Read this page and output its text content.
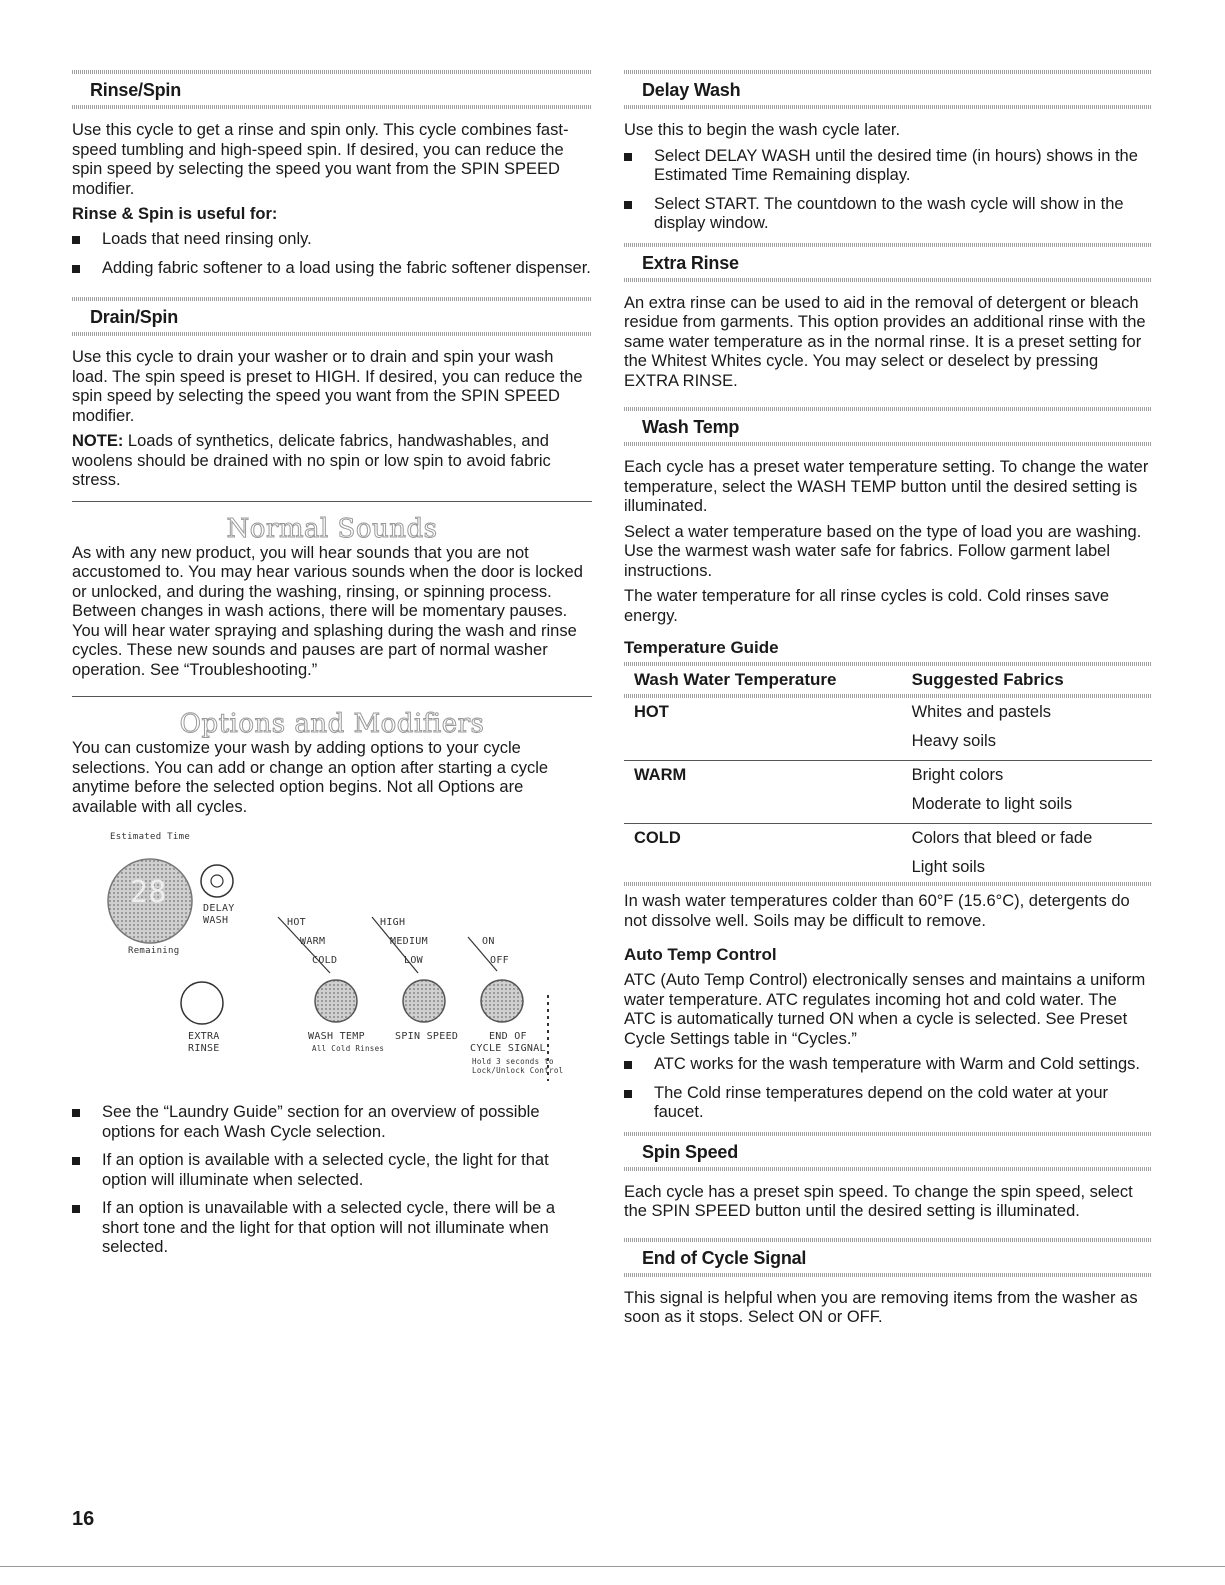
Rinse/Spin

Use this cycle to get a rinse and spin only. This cycle combines fast-speed tumbling and high-speed spin. If desired, you can reduce the spin speed by selecting the speed you want from the SPIN SPEED modifier.

Rinse & Spin is useful for:
Loads that need rinsing only.
Adding fabric softener to a load using the fabric softener dispenser.
Drain/Spin

Use this cycle to drain your washer or to drain and spin your wash load. The spin speed is preset to HIGH. If desired, you can reduce the spin speed by selecting the speed you want from the SPIN SPEED modifier.

NOTE: Loads of synthetics, delicate fabrics, handwashables, and woolens should be drained with no spin or low spin to avoid fabric stress.

Normal Sounds

As with any new product, you will hear sounds that you are not accustomed to. You may hear various sounds when the door is locked or unlocked, and during the washing, rinsing, or spinning process. Between changes in wash actions, there will be momentary pauses. You will hear water spraying and splashing during the wash and rinse cycles. These new sounds and pauses are part of normal washer operation. See “Troubleshooting.”

Options and Modifiers

You can customize your wash by adding options to your cycle selections. You can add or change an option after starting a cycle anytime before the selected option begins. Not all Options are available with all cycles.

28
Estimated Time
Remaining
DELAY
WASH	HOT
WARM
COLD
HIGH
MEDIUM
LOW
ON
OFF
EXTRA
RINSE
WASH TEMP
All Cold Rinses
SPIN SPEED	END OF
CYCLE SIGNAL
Hold 3 seconds to
Lock/Unlock Control
See the “Laundry Guide” section for an overview of possible options for each Wash Cycle selection.
If an option is available with a selected cycle, the light for that option will illuminate when selected.
If an option is unavailable with a selected cycle, there will be a short tone and the light for that option will not illuminate when selected.
Delay Wash

Use this to begin the wash cycle later.

Select DELAY WASH until the desired time (in hours) shows in the Estimated Time Remaining display.
Select START. The countdown to the wash cycle will show in the display window.
Extra Rinse

An extra rinse can be used to aid in the removal of detergent or bleach residue from garments. This option provides an additional rinse with the same water temperature as in the normal rinse. It is a preset setting for the Whitest Whites cycle. You may select or deselect by pressing EXTRA RINSE.

Wash Temp

Each cycle has a preset water temperature setting. To change the water temperature, select the WASH TEMP button until the desired setting is illuminated.

Select a water temperature based on the type of load you are washing. Use the warmest wash water safe for fabrics. Follow garment label instructions.

The water temperature for all rinse cycles is cold. Cold rinses save energy.

Temperature Guide
Wash Water Temperature	Suggested Fabrics

HOT	Whites and pastels
	Heavy soils
WARM	Bright colors
	Moderate to light soils
COLD	Colors that bleed or fade
	Light soils

In wash water temperatures colder than 60°F (15.6°C), detergents do not dissolve well. Soils may be difficult to remove.

Auto Temp Control

ATC (Auto Temp Control) electronically senses and maintains a uniform water temperature. ATC regulates incoming hot and cold water. The ATC is automatically turned ON when a cycle is selected. See Preset Cycle Settings table in “Cycles.”

ATC works for the wash temperature with Warm and Cold settings.
The Cold rinse temperatures depend on the cold water at your faucet.
Spin Speed

Each cycle has a preset spin speed. To change the spin speed, select the SPIN SPEED button until the desired setting is illuminated.

End of Cycle Signal

This signal is helpful when you are removing items from the washer as soon as it stops. Select ON or OFF.

16
